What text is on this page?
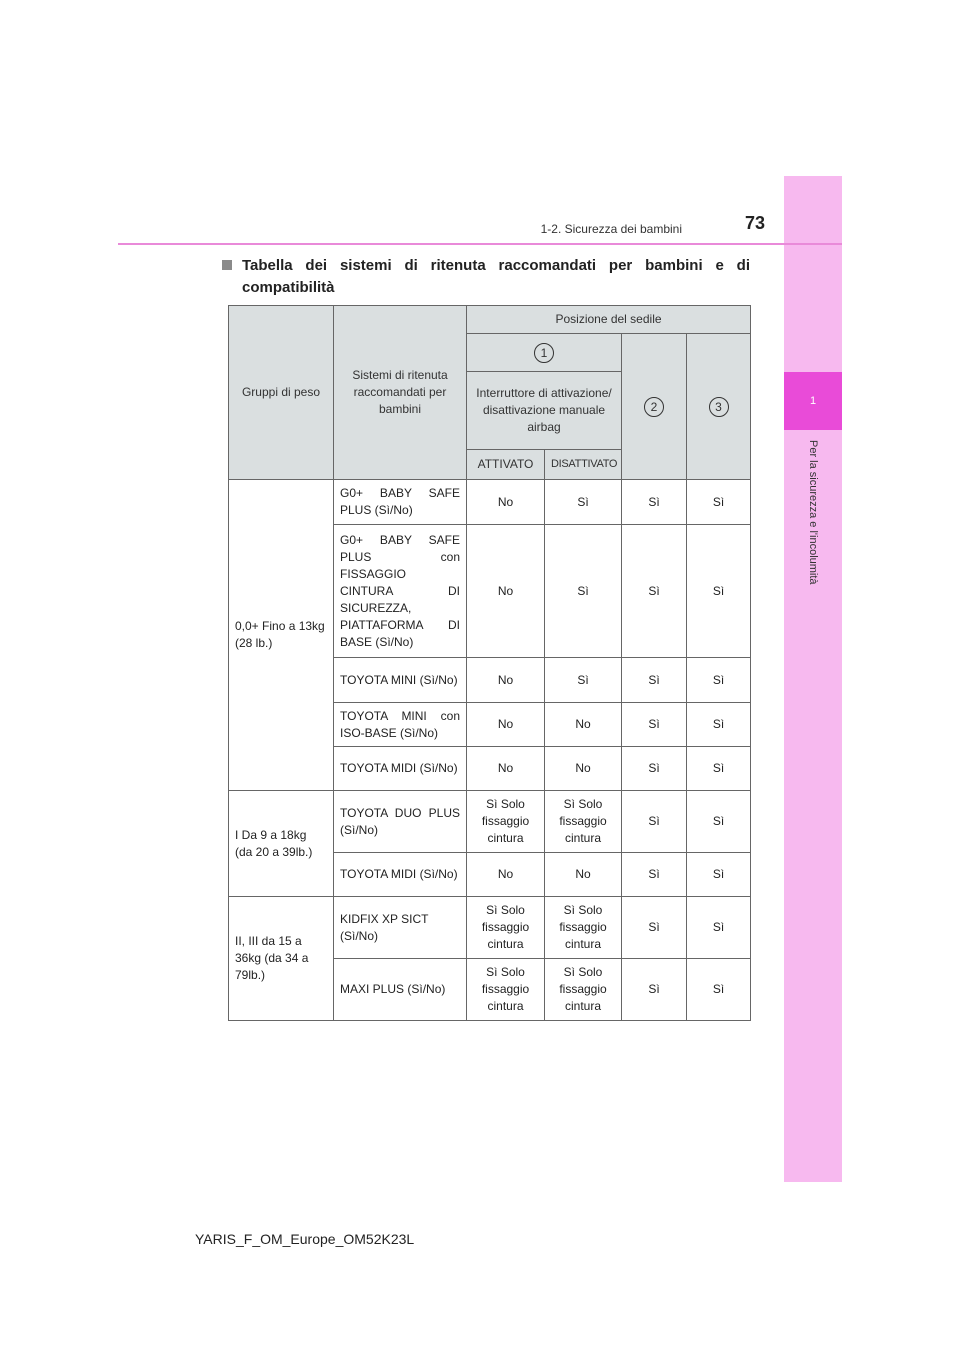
1
Per la sicurezza e l'incolumità
73
1-2. Sicurezza dei bambini
Tabella dei sistemi di ritenuta raccomandati per bambini e di
compatibilità
Gruppi di peso	Sistemi di ritenuta raccomandati per bambini	Posizione del sedile			
		1		2	3
		Interruttore di attivazione/ disattivazione manuale airbag			
		ATTIVATO	DISATTIVATO		
0,0+ Fino a 13kg (28 lb.)	G0+ BABY SAFE PLUS (Sì/No)	No	Sì	Sì	Sì
	G0+ BABY SAFE PLUS con FISSAGGIO CINTURA DI SICUREZZA, PIATTAFORMA DI BASE (Sì/No)	No	Sì	Sì	Sì
	TOYOTA MINI (Sì/No)	No	Sì	Sì	Sì
	TOYOTA MINI con ISO-BASE (Sì/No)	No	No	Sì	Sì
	TOYOTA MIDI (Sì/No)	No	No	Sì	Sì
I Da 9 a 18kg (da 20 a 39lb.)	TOYOTA DUO PLUS (Sì/No)	Sì Solo fissaggio cintura	Sì Solo fissaggio cintura	Sì	Sì
	TOYOTA MIDI (Sì/No)	No	No	Sì	Sì
II, III da 15 a 36kg (da 34 a 79lb.)	KIDFIX XP SICT (Sì/No)	Sì Solo fissaggio cintura	Sì Solo fissaggio cintura	Sì	Sì
	MAXI PLUS (Sì/No)	Sì Solo fissaggio cintura	Sì Solo fissaggio cintura	Sì	Sì
YARIS_F_OM_Europe_OM52K23L
